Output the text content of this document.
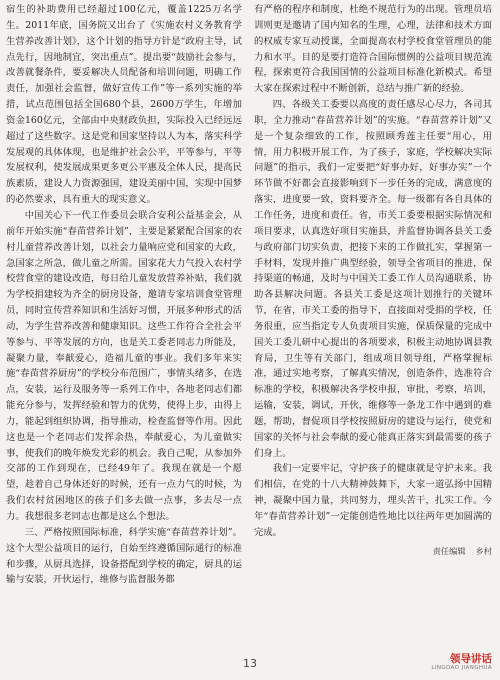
宿生的补助费用已经超过100亿元，覆盖1225万名学生。2011年底，国务院又出台了《实施农村义务教育学生营养改善计划》，这个计划的指导方针是“政府主导，试点先行，因地制宜，突出重点”。提出要“鼓励社会参与，改善就餐条件，要妥解决人员配备和培训问题，明确工作责任，加强社会监督，做好宣传工作”等一系列实施的举措，试点范围包括全国680个县，2600万学生，年增加资金160亿元，全部由中央财政负担，实际投入已经远远超过了这些数字。这是党和国家坚持以人为本，落实科学发展观的具体体现，也是维护社会公平，平等参与，平等发展权利，使发展成果更多更公平惠及全体人民，提高民族素质，建设人力资源强国，建设美丽中国，实现中国梦的必然要求，具有重大的现实意义。

中国关心下一代工作委员会联合安利公益基金会，从前年开始实施“春苗营养计划”，主要是紧紧配合国家的农村儿童营养改善计划，以社会力量响应党和国家的大政，急国家之所急，做儿童之所需。国家花大力气投入农村学校营食堂的建设改造，每日给儿童发放营养补贴，我们就为学校捐建较为齐全的厨房设备，邀请专家培训食堂管理员，同时宣传营养知识和生活好习惯，开展多种形式的活动，为学生营养改善和健康知识。这些工作符合全社会平等参与、平等发展的方向，也是关工委老同志力所能及，凝聚力量，奉献爱心，造福儿童的事业。我们多年来实施“春苗营养厨房”的学校分布范围广，事情头绪多，在选点，安装，运行及服务等一系列工作中，各地老同志们都能充分参与，发挥经验和智力的优势，使得上步，由得上力，能起到组织协调，指导推动，检查监督等作用。因此这也是一个老同志们发挥余热，奉献爱心，为儿童做实事，使我们的晚年焕发光彩的机会。我自己呢，从参加外交部的工作到现在，已经49年了。我现在就是一个愿望，趁着自己身体还好的时候，还有一点力气的时候，为我们农村贫困地区的孩子们多去做一点事，多去尽一点力。我想很多老同志也都是这么个想法。

三、严格按照国际标准，科学实施“春苗营养计划”。这个大型公益项目的运行，自始至终遵循国际通行的标准和步骤，从厨具选择，设备搭配到学校的确定，厨具的运输与安装，开伙运行，维修与监督服务都

有严格的程序和制度，杜绝不规范行为的出现。管理员培训则更是邀请了国内知名的生理，心理，法律和技术方面的权威专家互动授课，全面提高农村学校食堂管理员的能力和水平。目的是要打造符合国际惯例的公益项目规范流程，探索更符合我国国情的公益项目标准化新模式。希望大家在探索过程中不断创新，总结与推广新的经验。

四、各级关工委要以高度的责任感尽心尽力，各司其职，全力推动“春苗营养计划”的实施。“春苗营养计划”又是一个复杂细致的工作，按照顾秀莲主任要“用心，用情，用力积极开展工作，为了孩子，家庭，学校解决实际问题”的指示，我们一定要把“好事办好，好事办实”一个环节做不好都会直接影响到下一步任务的完成，满意度的落实，进度要一致，资料要齐全。每一级都有各自具体的工作任务，进度和责任。省，市关工委要根据实际情况和项目要求，认真选好项目实施县，并监督协调各县关工委与政府部门切实负责，把接下来的工作做扎实，掌握第一手材料，发现并推广典型经验，领导全省项目的推进，保持渠道的畅通，及时与中国关工委工作人员沟通联系，协助各县解决问题。各县关工委是这项计划推行的关键环节，在省，市关工委的指导下，直接面对受捐的学校，任务很重，应当指定专人负责项目实施，保质保量的完成中国关工委儿研中心提出的各项要求，积极主动地协调县教育局，卫生等有关部门，组成项目领导组，严格掌握标准，通过实地考察，了解真实情况，创造条件，选准符合标准的学校，积极解决各学校申报，审批，考察，培训，运输，安装，调试，开伙，维修等一条龙工作中遇到的难题，帮助，督促项目学校按照厨房的建设与运行，使党和国家的关怀与社会奉献的爱心能真正落实到最需要的孩子们身上。

我们一定要牢记，守护孩子的健康就是守护未来。我们相信，在党的十八大精神鼓舞下，大家一道弘扬中国精神，凝聚中国力量，共同努力，埋头苦干，扎实工作。今年“春苗营养计划”一定能创造性地比以往两年更加圆满的完成。

责任编辑 乡村
13	领导讲话
LINGDAO JIANGHUA
